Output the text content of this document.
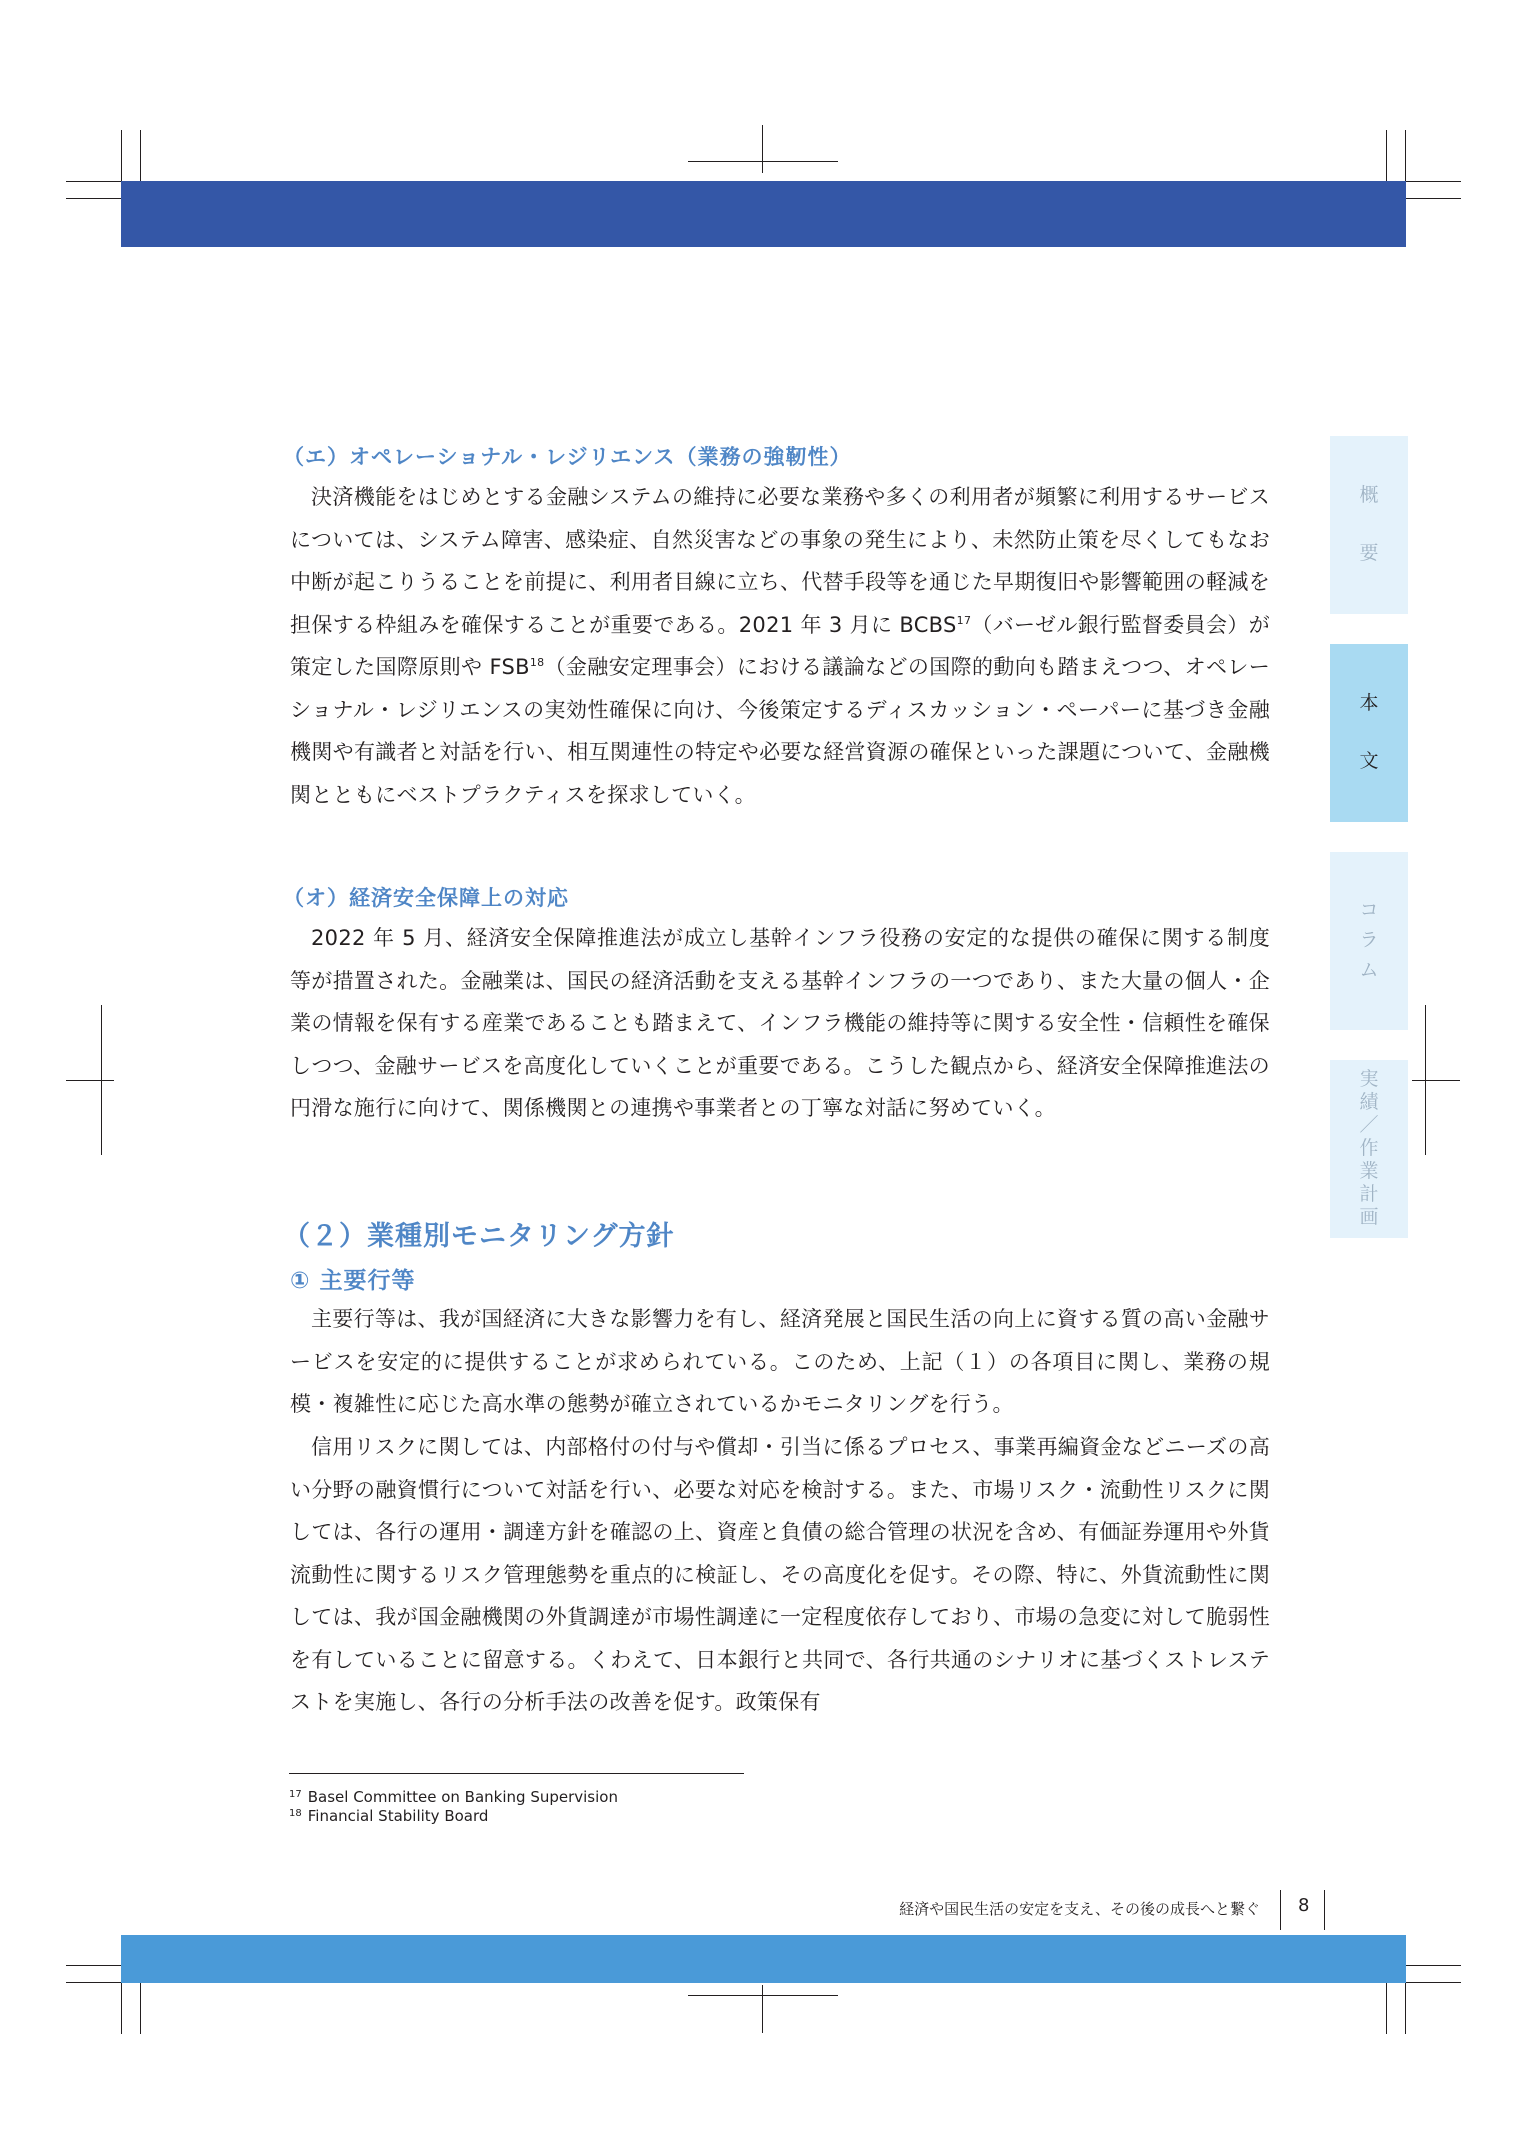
概
要
本
文
コ
ラ
ム
実
績
／
作
業
計
画
（エ）オペレーショナル・レジリエンス（業務の強靭性）
決済機能をはじめとする金融システムの維持に必要な業務や多くの利用者が頻繁に利用するサービスについては、システム障害、感染症、自然災害などの事象の発生により、未然防止策を尽くしてもなお中断が起こりうることを前提に、利用者目線に立ち、代替手段等を通じた早期復旧や影響範囲の軽減を担保する枠組みを確保することが重要である。2021 年 3 月に BCBS$^{17}$（バーゼル銀行監督委員会）が策定した国際原則や FSB$^{18}$（金融安定理事会）における議論などの国際的動向も踏まえつつ、オペレーショナル・レジリエンスの実効性確保に向け、今後策定するディスカッション・ペーパーに基づき金融機関や有識者と対話を行い、相互関連性の特定や必要な経営資源の確保といった課題について、金融機関とともにベストプラクティスを探求していく。
（オ）経済安全保障上の対応
2022 年 5 月、経済安全保障推進法が成立し基幹インフラ役務の安定的な提供の確保に関する制度等が措置された。金融業は、国民の経済活動を支える基幹インフラの一つであり、また大量の個人・企業の情報を保有する産業であることも踏まえて、インフラ機能の維持等に関する安全性・信頼性を確保しつつ、金融サービスを高度化していくことが重要である。こうした観点から、経済安全保障推進法の円滑な施行に向けて、関係機関との連携や事業者との丁寧な対話に努めていく。
（２）業種別モニタリング方針
① 主要行等
主要行等は、我が国経済に大きな影響力を有し、経済発展と国民生活の向上に資する質の高い金融サービスを安定的に提供することが求められている。このため、上記（１）の各項目に関し、業務の規模・複雑性に応じた高水準の態勢が確立されているかモニタリングを行う。
信用リスクに関しては、内部格付の付与や償却・引当に係るプロセス、事業再編資金などニーズの高い分野の融資慣行について対話を行い、必要な対応を検討する。また、市場リスク・流動性リスクに関しては、各行の運用・調達方針を確認の上、資産と負債の総合管理の状況を含め、有価証券運用や外貨流動性に関するリスク管理態勢を重点的に検証し、その高度化を促す。その際、特に、外貨流動性に関しては、我が国金融機関の外貨調達が市場性調達に一定程度依存しており、市場の急変に対して脆弱性を有していることに留意する。くわえて、日本銀行と共同で、各行共通のシナリオに基づくストレステストを実施し、各行の分析手法の改善を促す。政策保有
$^{17}$ Basel Committee on Banking Supervision
$^{18}$ Financial Stability Board
経済や国民生活の安定を支え、その後の成長へと繋ぐ 8
